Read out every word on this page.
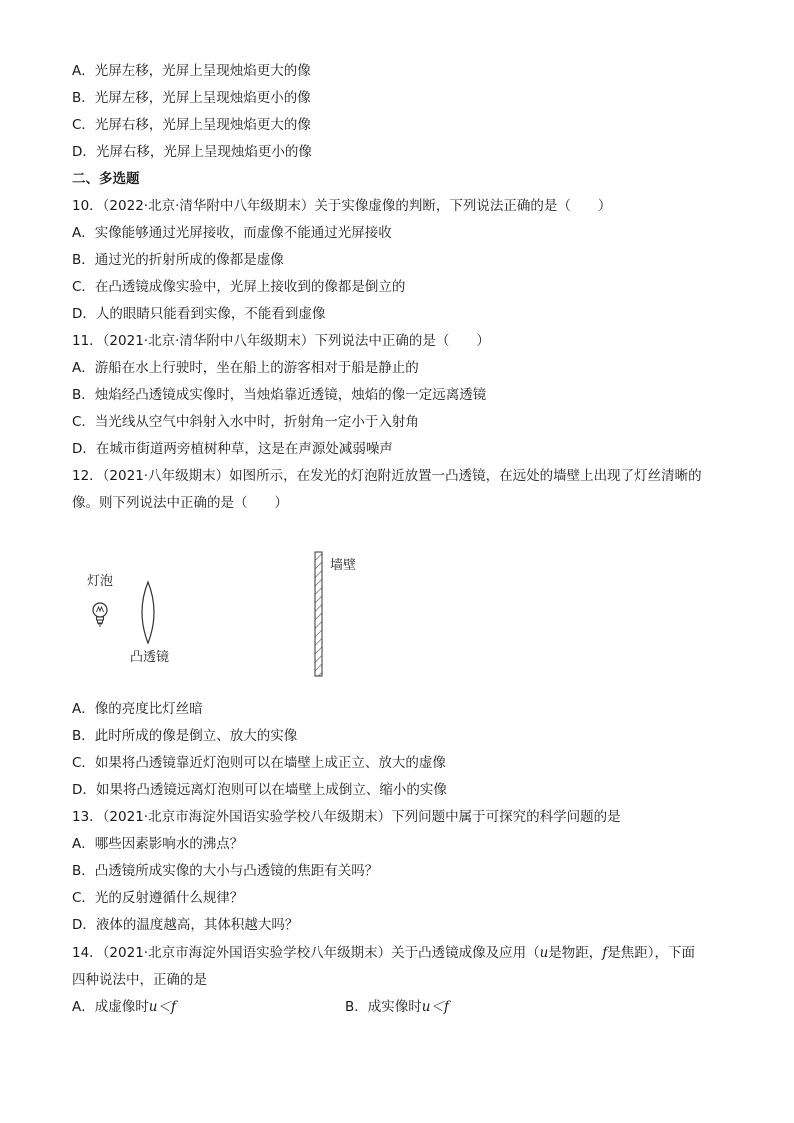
A．光屏左移，光屏上呈现烛焰更大的像
B．光屏左移，光屏上呈现烛焰更小的像
C．光屏右移，光屏上呈现烛焰更大的像
D．光屏右移，光屏上呈现烛焰更小的像
二、多选题
10．（2022·北京·清华附中八年级期末）关于实像虚像的判断，下列说法正确的是（　　）
A．实像能够通过光屏接收，而虚像不能通过光屏接收
B．通过光的折射所成的像都是虚像
C．在凸透镜成像实验中，光屏上接收到的像都是倒立的
D．人的眼睛只能看到实像，不能看到虚像
11．（2021·北京·清华附中八年级期末）下列说法中正确的是（　　）
A．游船在水上行驶时，坐在船上的游客相对于船是静止的
B．烛焰经凸透镜成实像时，当烛焰靠近透镜，烛焰的像一定远离透镜
C．当光线从空气中斜射入水中时，折射角一定小于入射角
D．在城市街道两旁植树种草，这是在声源处减弱噪声
12．（2021·八年级期末）如图所示，在发光的灯泡附近放置一凸透镜，在远处的墙壁上出现了灯丝清晰的
像。则下列说法中正确的是（　　）
灯泡
凸透镜
墙壁
A．像的亮度比灯丝暗
B．此时所成的像是倒立、放大的实像
C．如果将凸透镜靠近灯泡则可以在墙壁上成正立、放大的虚像
D．如果将凸透镜远离灯泡则可以在墙壁上成倒立、缩小的实像
13．（2021·北京市海淀外国语实验学校八年级期末）下列问题中属于可探究的科学问题的是
A．哪些因素影响水的沸点？
B．凸透镜所成实像的大小与凸透镜的焦距有关吗？
C．光的反射遵循什么规律？
D．液体的温度越高，其体积越大吗？
14．（2021·北京市海淀外国语实验学校八年级期末）关于凸透镜成像及应用（u是物距，f是焦距），下面
四种说法中，正确的是
A．成虚像时u＜f	B．成实像时u＜f
